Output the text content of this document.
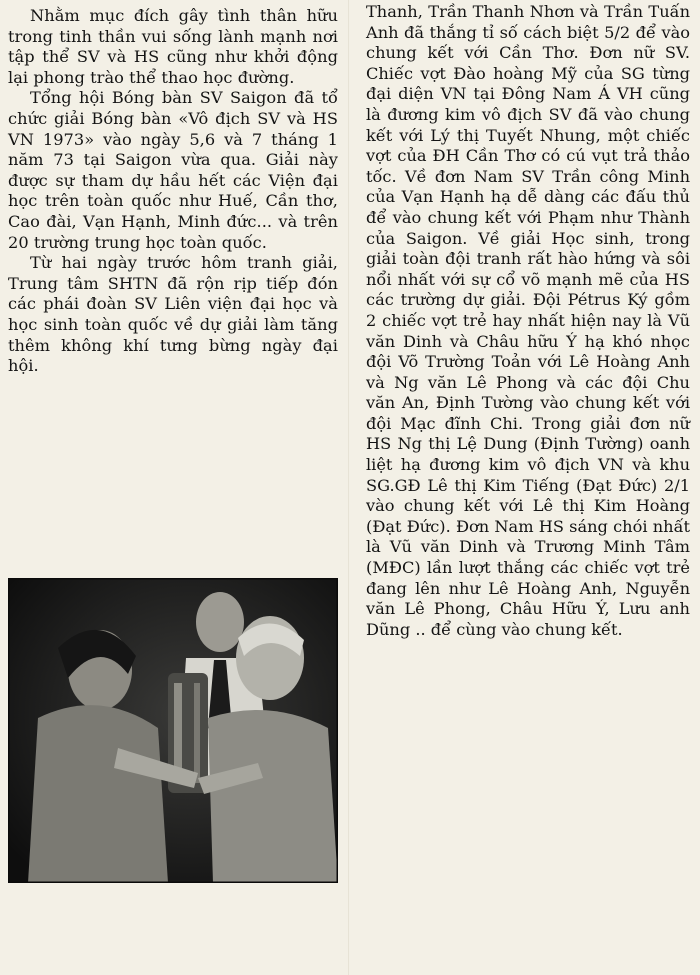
Nhằm mục đích gây tình thân hữu trong tinh thần vui sống lành mạnh nơi tập thể SV và HS cũng như khởi động lại phong trào thể thao học đường.

Tổng hội Bóng bàn SV Saigon đã tổ chức giải Bóng bàn «Vô địch SV và HS VN 1973» vào ngày 5,6 và 7 tháng 1 năm 73 tại Saigon vừa qua. Giải này được sự tham dự hầu hết các Viện đại học trên toàn quốc như Huế, Cần thơ, Cao đài, Vạn Hạnh, Minh đức... và trên 20 trường trung học toàn quốc.

Từ hai ngày trước hôm tranh giải, Trung tâm SHTN đã rộn rịp tiếp đón các phái đoàn SV Liên viện đại học và học sinh toàn quốc về dự giải làm tăng thêm không khí tưng bừng ngày đại hội.

Thanh, Trần Thanh Nhơn và Trần Tuấn Anh đã thắng tỉ số cách biệt 5/2 để vào chung kết với Cần Thơ. Đơn nữ SV. Chiếc vợt Đào hoàng Mỹ của SG từng đại diện VN tại Đông Nam Á VH cũng là đương kim vô địch SV đã vào chung kết với Lý thị Tuyết Nhung, một chiếc vợt của ĐH Cần Thơ có cú vụt trả thảo tốc. Về đơn Nam SV Trần công Minh của Vạn Hạnh hạ dễ dàng các đấu thủ để vào chung kết với Phạm như Thành của Saigon. Về giải Học sinh, trong giải toàn đội tranh rất hào hứng và sôi nổi nhất với sự cổ võ mạnh mẽ của HS các trường dự giải. Đội Pétrus Ký gồm 2 chiếc vợt trẻ hay nhất hiện nay là Vũ văn Dinh và Châu hữu Ý hạ khó nhọc đội Võ Trường Toản với Lê Hoàng Anh và Ng văn Lê Phong và các đội Chu văn An, Định Tường vào chung kết với đội Mạc đĩnh Chi. Trong giải đơn nữ HS Ng thị Lệ Dung (Định Tường) oanh liệt hạ đương kim vô địch VN và khu SG.GĐ Lê thị Kim Tiếng (Đạt Đức) 2/1 vào chung kết với Lê thị Kim Hoàng (Đạt Đức). Đơn Nam HS sáng chói nhất là Vũ văn Dinh và Trương Minh Tâm (MĐC) lần lượt thắng các chiếc vợt trẻ đang lên như Lê Hoàng Anh, Nguyễn văn Lê Phong, Châu Hữu Ý, Lưu anh Dũng .. để cùng vào chung kết.
